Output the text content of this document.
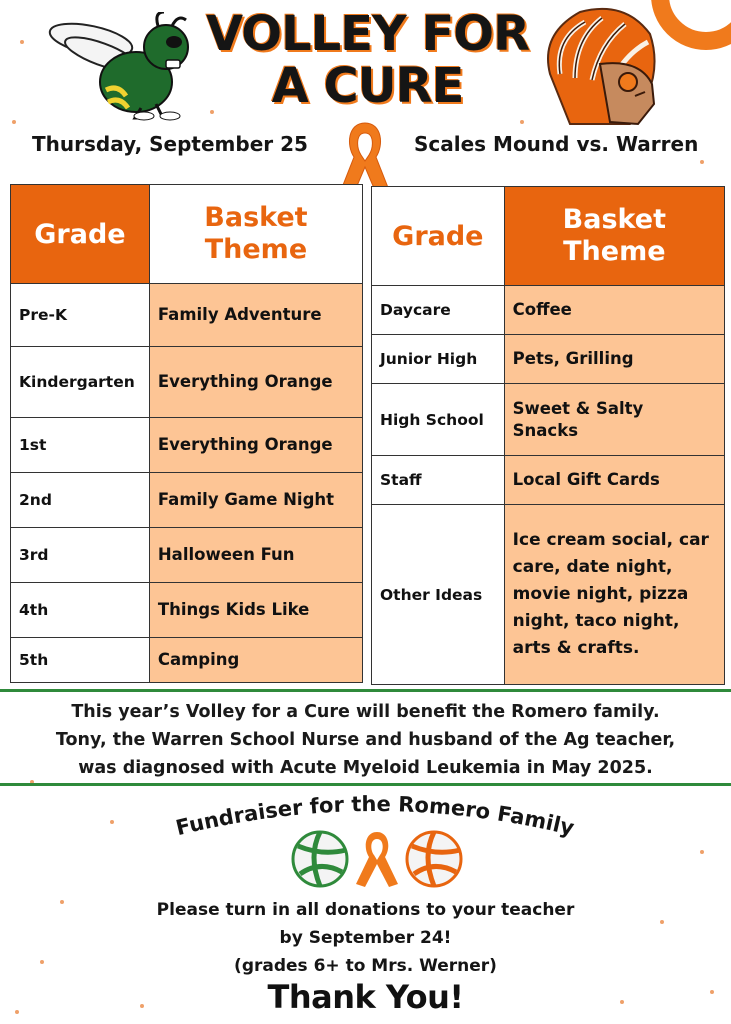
VOLLEY FOR
A CURE
Thursday, September 25	Scales Mound vs. Warren
Grade	Basket
Theme

Pre-K	Family Adventure
Kindergarten	Everything Orange
1st	Everything Orange
2nd	Family Game Night
3rd	Halloween Fun
4th	Things Kids Like
5th	Camping
Grade	Basket
Theme

Daycare	Coffee
Junior High	Pets, Grilling
High School	Sweet & Salty Snacks
Staff	Local Gift Cards
Other Ideas	Ice cream social, car care, date night, movie night, pizza night, taco night, arts & crafts.
This year’s Volley for a Cure will benefit the Romero family.
Tony, the Warren School Nurse and husband of the Ag teacher,
was diagnosed with Acute Myeloid Leukemia in May 2025.
Fundraiser for the Romero Family
Please turn in all donations to your teacher
by September 24!
(grades 6+ to Mrs. Werner)
Thank You!
